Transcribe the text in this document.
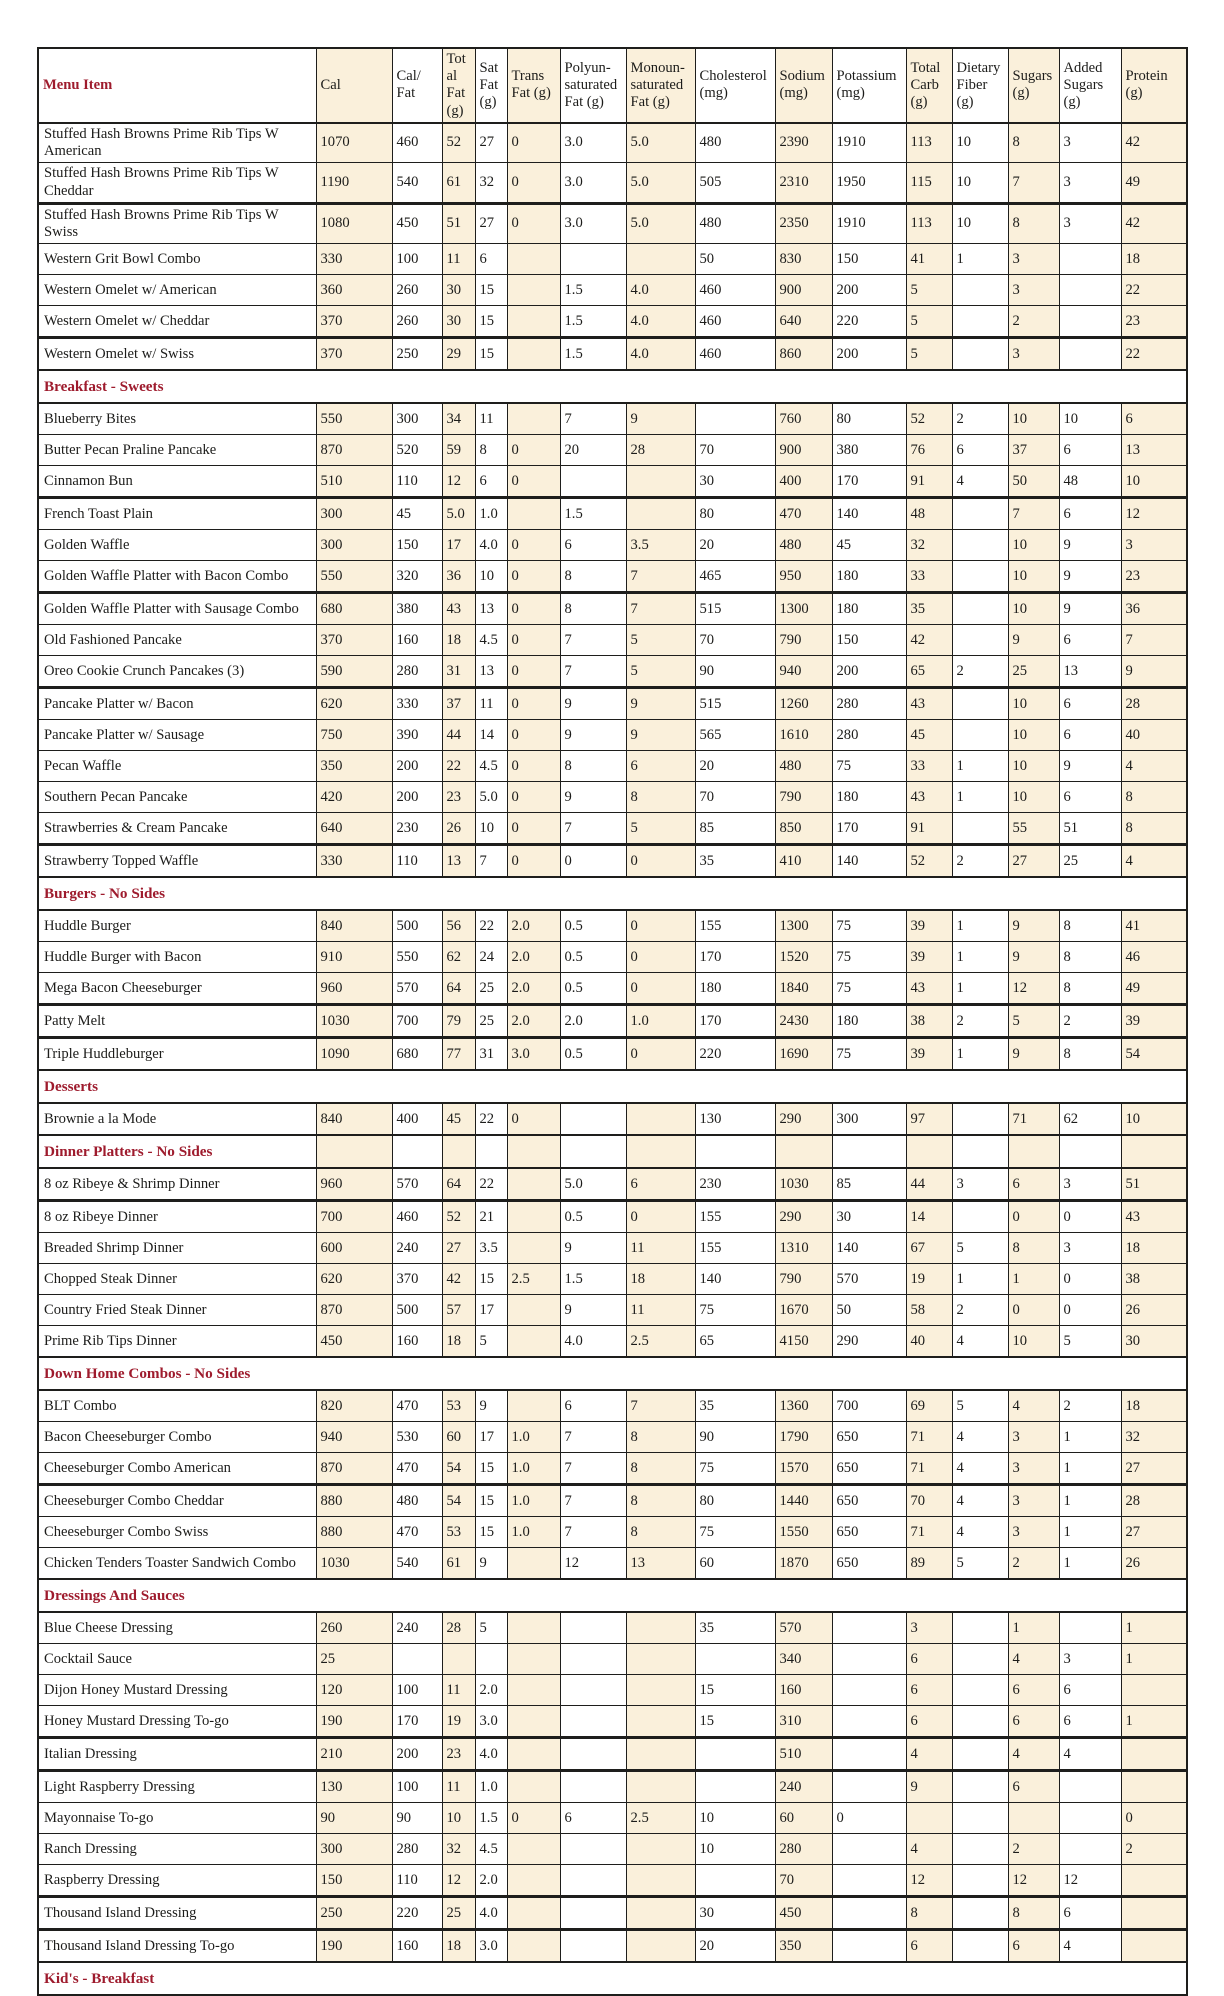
Menu Item	Cal	Cal/ Fat	Total Fat (g)	Sat Fat (g)	Trans Fat (g)	Polyun-saturated Fat (g)	Monoun-saturated Fat (g)	Cholesterol (mg)	Sodium (mg)	Potassium (mg)	Total Carb (g)	Dietary Fiber (g)	Sugars (g)	Added Sugars (g)	Protein (g)
Stuffed Hash Browns Prime Rib Tips W American	1070	460	52	27	0	3.0	5.0	480	2390	1910	113	10	8	3	42
Stuffed Hash Browns Prime Rib Tips W Cheddar	1190	540	61	32	0	3.0	5.0	505	2310	1950	115	10	7	3	49
Stuffed Hash Browns Prime Rib Tips W Swiss	1080	450	51	27	0	3.0	5.0	480	2350	1910	113	10	8	3	42
Western Grit Bowl Combo	330	100	11	6				50	830	150	41	1	3		18
Western Omelet w/ American	360	260	30	15		1.5	4.0	460	900	200	5		3		22
Western Omelet w/ Cheddar	370	260	30	15		1.5	4.0	460	640	220	5		2		23
Western Omelet w/ Swiss	370	250	29	15		1.5	4.0	460	860	200	5		3		22
Breakfast - Sweets															
Blueberry Bites	550	300	34	11		7	9		760	80	52	2	10	10	6
Butter Pecan Praline Pancake	870	520	59	8	0	20	28	70	900	380	76	6	37	6	13
Cinnamon Bun	510	110	12	6	0			30	400	170	91	4	50	48	10
French Toast Plain	300	45	5.0	1.0		1.5		80	470	140	48		7	6	12
Golden Waffle	300	150	17	4.0	0	6	3.5	20	480	45	32		10	9	3
Golden Waffle Platter with Bacon Combo	550	320	36	10	0	8	7	465	950	180	33		10	9	23
Golden Waffle Platter with Sausage Combo	680	380	43	13	0	8	7	515	1300	180	35		10	9	36
Old Fashioned Pancake	370	160	18	4.5	0	7	5	70	790	150	42		9	6	7
Oreo Cookie Crunch Pancakes (3)	590	280	31	13	0	7	5	90	940	200	65	2	25	13	9
Pancake Platter w/ Bacon	620	330	37	11	0	9	9	515	1260	280	43		10	6	28
Pancake Platter w/ Sausage	750	390	44	14	0	9	9	565	1610	280	45		10	6	40
Pecan Waffle	350	200	22	4.5	0	8	6	20	480	75	33	1	10	9	4
Southern Pecan Pancake	420	200	23	5.0	0	9	8	70	790	180	43	1	10	6	8
Strawberries & Cream Pancake	640	230	26	10	0	7	5	85	850	170	91		55	51	8
Strawberry Topped Waffle	330	110	13	7	0	0	0	35	410	140	52	2	27	25	4
Burgers - No Sides															
Huddle Burger	840	500	56	22	2.0	0.5	0	155	1300	75	39	1	9	8	41
Huddle Burger with Bacon	910	550	62	24	2.0	0.5	0	170	1520	75	39	1	9	8	46
Mega Bacon Cheeseburger	960	570	64	25	2.0	0.5	0	180	1840	75	43	1	12	8	49
Patty Melt	1030	700	79	25	2.0	2.0	1.0	170	2430	180	38	2	5	2	39
Triple Huddleburger	1090	680	77	31	3.0	0.5	0	220	1690	75	39	1	9	8	54
Desserts															
Brownie a la Mode	840	400	45	22	0			130	290	300	97		71	62	10
Dinner Platters - No Sides															
8 oz Ribeye & Shrimp Dinner	960	570	64	22		5.0	6	230	1030	85	44	3	6	3	51
8 oz Ribeye Dinner	700	460	52	21		0.5	0	155	290	30	14		0	0	43
Breaded Shrimp Dinner	600	240	27	3.5		9	11	155	1310	140	67	5	8	3	18
Chopped Steak Dinner	620	370	42	15	2.5	1.5	18	140	790	570	19	1	1	0	38
Country Fried Steak Dinner	870	500	57	17		9	11	75	1670	50	58	2	0	0	26
Prime Rib Tips Dinner	450	160	18	5		4.0	2.5	65	4150	290	40	4	10	5	30
Down Home Combos - No Sides															
BLT Combo	820	470	53	9		6	7	35	1360	700	69	5	4	2	18
Bacon Cheeseburger Combo	940	530	60	17	1.0	7	8	90	1790	650	71	4	3	1	32
Cheeseburger Combo American	870	470	54	15	1.0	7	8	75	1570	650	71	4	3	1	27
Cheeseburger Combo Cheddar	880	480	54	15	1.0	7	8	80	1440	650	70	4	3	1	28
Cheeseburger Combo Swiss	880	470	53	15	1.0	7	8	75	1550	650	71	4	3	1	27
Chicken Tenders Toaster Sandwich Combo	1030	540	61	9		12	13	60	1870	650	89	5	2	1	26
Dressings And Sauces															
Blue Cheese Dressing	260	240	28	5				35	570		3		1		1
Cocktail Sauce	25								340		6		4	3	1
Dijon Honey Mustard Dressing	120	100	11	2.0				15	160		6		6	6	
Honey Mustard Dressing To-go	190	170	19	3.0				15	310		6		6	6	1
Italian Dressing	210	200	23	4.0					510		4		4	4	
Light Raspberry Dressing	130	100	11	1.0					240		9		6		
Mayonnaise To-go	90	90	10	1.5	0	6	2.5	10	60	0					0
Ranch Dressing	300	280	32	4.5				10	280		4		2		2
Raspberry Dressing	150	110	12	2.0					70		12		12	12	
Thousand Island Dressing	250	220	25	4.0				30	450		8		8	6	
Thousand Island Dressing To-go	190	160	18	3.0				20	350		6		6	4	
Kid's - Breakfast															
